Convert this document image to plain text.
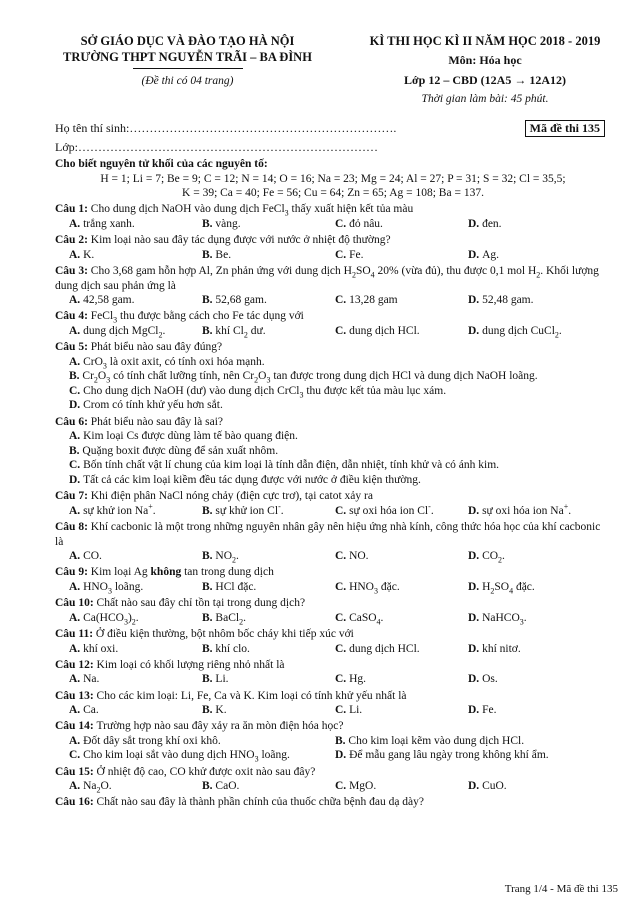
SỞ GIÁO DỤC VÀ ĐÀO TẠO HÀ NỘI
TRƯỜNG THPT NGUYỄN TRÃI – BA ĐÌNH
(Đề thi có 04 trang)
KÌ THI HỌC KÌ II NĂM HỌC 2018 - 2019
Môn: Hóa học
Lớp 12 – CBD (12A5 → 12A12)
Thời gian làm bài: 45 phút.
Họ tên thí sinh:………………………………………………………….
Lớp:…………………………………………………………………
Mã đề thi 135
Cho biết nguyên tử khối của các nguyên tố:
H = 1; Li = 7; Be = 9; C = 12; N = 14; O = 16; Na = 23; Mg = 24; Al = 27; P = 31; S = 32; Cl = 35,5;
K = 39; Ca = 40; Fe = 56; Cu = 64; Zn = 65; Ag = 108; Ba = 137.
Câu 1: Cho dung dịch NaOH vào dung dịch FeCl$_3$ thấy xuất hiện kết tủa màu
A. trắng xanh.	B. vàng.	C. đỏ nâu.	D. đen.
Câu 2: Kim loại nào sau đây tác dụng được với nước ở nhiệt độ thường?
A. K.	B. Be.	C. Fe.	D. Ag.
Câu 3: Cho 3,68 gam hỗn hợp Al, Zn phản ứng với dung dịch $H_2SO_4$ 20% (vừa đủ), thu được 0,1 mol $H_2$. Khối lượng dung dịch sau phản ứng là
A. 42,58 gam.	B. 52,68 gam.	C. 13,28 gam	D. 52,48 gam.
Câu 4: FeCl$_3$ thu được bằng cách cho Fe tác dụng với
A. dung dịch MgCl$_2$.	B. khí $Cl_2$ dư.	C. dung dịch HCl.	D. dung dịch CuCl$_2$.
Câu 5: Phát biểu nào sau đây đúng?
A. CrO$_3$ là oxit axit, có tính oxi hóa mạnh.
B. $Cr_2O_3$ có tính chất lưỡng tính, nên $Cr_2O_3$ tan được trong dung dịch HCl và dung dịch NaOH loãng.
C. Cho dung dịch NaOH (dư) vào dung dịch CrCl$_3$ thu được kết tủa màu lục xám.
D. Crom có tính khử yếu hơn sắt.
Câu 6: Phát biểu nào sau đây là sai?
A. Kim loại Cs được dùng làm tế bào quang điện.
B. Quặng boxit được dùng để sản xuất nhôm.
C. Bốn tính chất vật lí chung của kim loại là tính dẫn điện, dẫn nhiệt, tính khử và có ánh kim.
D. Tất cả các kim loại kiềm đều tác dụng được với nước ở điều kiện thường.
Câu 7: Khi điện phân NaCl nóng chảy (điện cực trơ), tại catot xảy ra
A. sự khử ion Na+.	B. sự khử ion Cl-.	C. sự oxi hóa ion Cl-.	D. sự oxi hóa ion Na+.
Câu 8: Khí cacbonic là một trong những nguyên nhân gây nên hiệu ứng nhà kính, công thức hóa học của khí cacbonic là
A. CO.	B. $NO_2$.	C. NO.	D. $CO_2$.
Câu 9: Kim loại Ag không tan trong dung dịch
A. $HNO_3$ loãng.	B. HCl đặc.	C. $HNO_3$ đặc.	D. $H_2SO_4$ đặc.
Câu 10: Chất nào sau đây chỉ tồn tại trong dung dịch?
A. $Ca(HCO_3)_2$.	B. BaCl$_2$.	C. CaSO$_4$.	D. NaHCO$_3$.
Câu 11: Ở điều kiện thường, bột nhôm bốc cháy khi tiếp xúc với
A. khí oxi.	B. khí clo.	C. dung dịch HCl.	D. khí nitơ.
Câu 12: Kim loại có khối lượng riêng nhỏ nhất là
A. Na.	B. Li.	C. Hg.	D. Os.
Câu 13: Cho các kim loại: Li, Fe, Ca và K. Kim loại có tính khử yếu nhất là
A. Ca.	B. K.	C. Li.	D. Fe.
Câu 14: Trường hợp nào sau đây xảy ra ăn mòn điện hóa học?
A. Đốt dây sắt trong khí oxi khô.	B. Cho kim loại kẽm vào dung dịch HCl.
C. Cho kim loại sắt vào dung dịch $HNO_3$ loãng.	D. Để mẫu gang lâu ngày trong không khí ẩm.
Câu 15: Ở nhiệt độ cao, CO khử được oxit nào sau đây?
A. $Na_2O$.	B. CaO.	C. MgO.	D. CuO.
Câu 16: Chất nào sau đây là thành phần chính của thuốc chữa bệnh đau dạ dày?
Trang 1/4 - Mã đề thi 135
